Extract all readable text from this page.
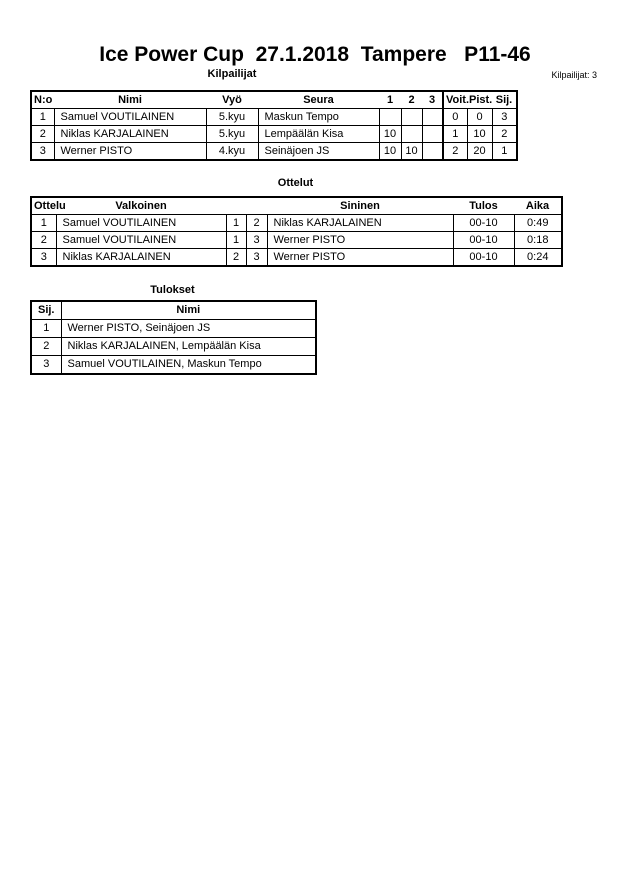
Ice Power Cup  27.1.2018  Tampere   P11-46
Kilpailijat	Kilpailijat: 3
N:o	Nimi	Vyö	Seura	1	2	3	Voit.	Pist.	Sij.
1	Samuel VOUTILAINEN	5.kyu	Maskun Tempo				0	0	3
2	Niklas KARJALAINEN	5.kyu	Lempäälän Kisa	10			1	10	2
3	Werner PISTO	4.kyu	Seinäjoen JS	10	10		2	20	1
Ottelut
Ottelu	Valkoinen			Sininen	Tulos	Aika
1	Samuel VOUTILAINEN	1	2	Niklas KARJALAINEN	00-10	0:49
2	Samuel VOUTILAINEN	1	3	Werner PISTO	00-10	0:18
3	Niklas KARJALAINEN	2	3	Werner PISTO	00-10	0:24
Tulokset
Sij.	Nimi
1	Werner PISTO, Seinäjoen JS
2	Niklas KARJALAINEN, Lempäälän Kisa
3	Samuel VOUTILAINEN, Maskun Tempo
